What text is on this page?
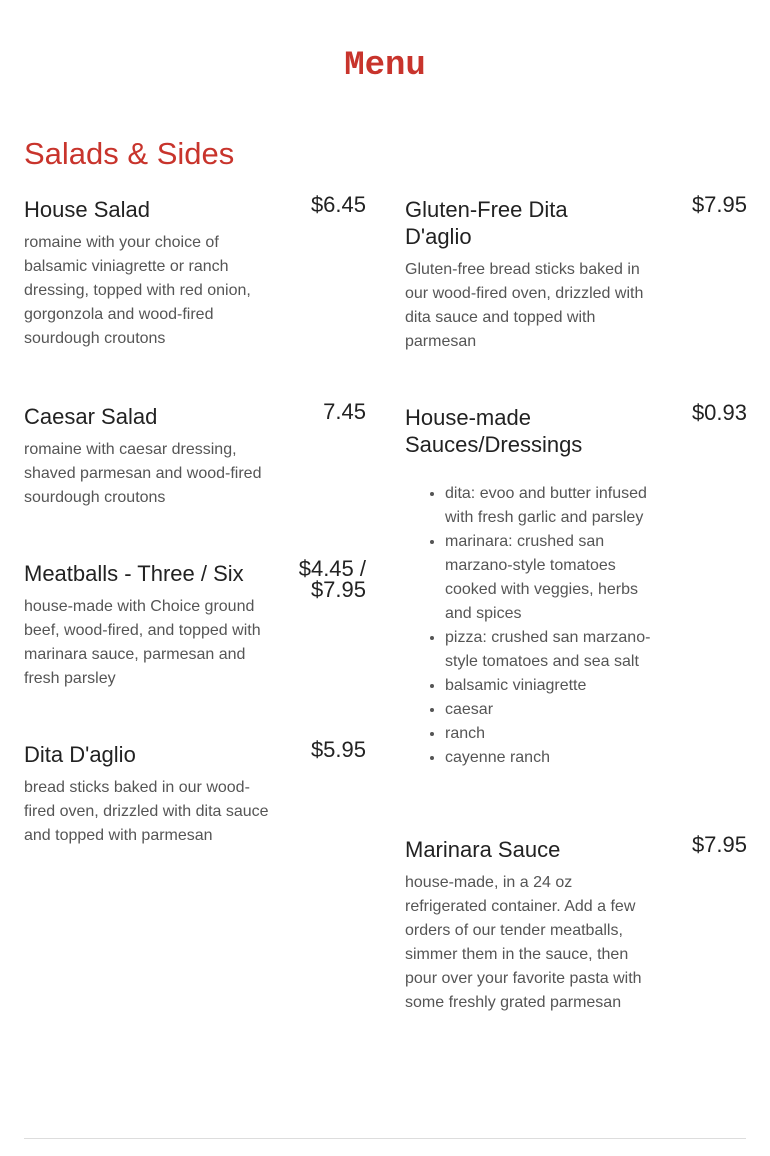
Menu
Salads & Sides
House Salad	$6.45

romaine with your choice of balsamic viniagrette or ranch dressing, topped with red onion, gorgonzola and wood-fired sourdough croutons

Caesar Salad	7.45

romaine with caesar dressing, shaved parmesan and wood-fired sourdough croutons

Meatballs - Three / Six	$4.45 / $7.95

house-made with Choice ground beef, wood-fired, and topped with marinara sauce, parmesan and fresh parsley

Dita D'aglio	$5.95

bread sticks baked in our wood-fired oven, drizzled with dita sauce and topped with parmesan

Gluten-Free Dita D'aglio
$7.95

Gluten-free bread sticks baked in our wood-fired oven, drizzled with dita sauce and topped with parmesan

House-made Sauces/Dressings
$0.93
• dita: evoo and butter infused with fresh garlic and parsley
• marinara: crushed san marzano-style tomatoes cooked with veggies, herbs and spices
• pizza: crushed san marzano-style tomatoes and sea salt
• balsamic viniagrette
• caesar
• ranch
• cayenne ranch
Marinara Sauce	$7.95

house-made, in a 24 oz refrigerated container. Add a few orders of our tender meatballs, simmer them in the sauce, then pour over your favorite pasta with some freshly grated parmesan
